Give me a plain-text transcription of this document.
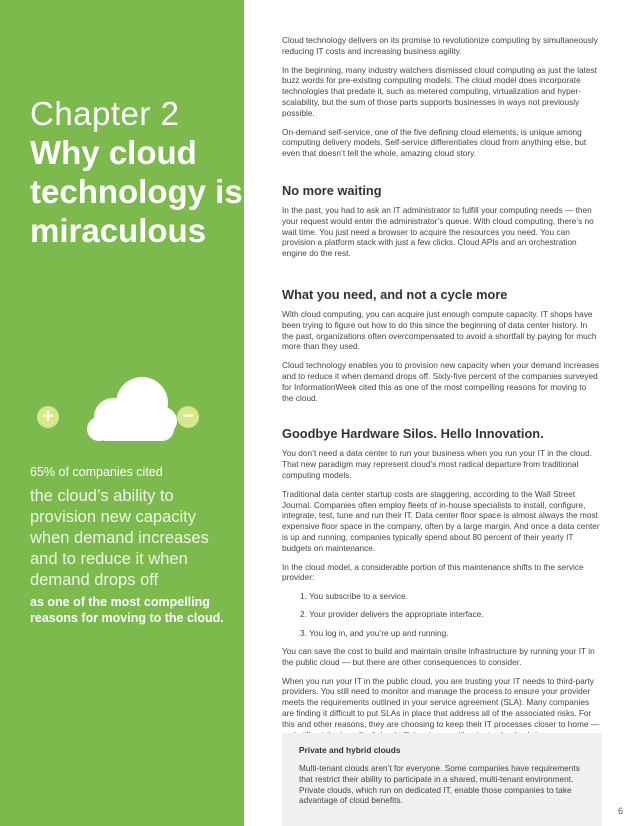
Chapter 2

Why cloud
technology is
miraculous
+	−

65% of companies cited

the cloud’s ability to
provision new capacity
when demand increases
and to reduce it when
demand drops off

as one of the most compelling
reasons for moving to the cloud.

Cloud technology delivers on its promise to revolutionize computing by simultaneously reducing IT costs and increasing business agility.

In the beginning, many industry watchers dismissed cloud computing as just the latest buzz words for pre-existing computing models. The cloud model does incorporate technologies that predate it, such as metered computing, virtualization and hyper-scalability, but the sum of those parts supports businesses in ways not previously possible.

On-demand self-service, one of the five defining cloud elements, is unique among computing delivery models. Self-service differentiates cloud from anything else, but even that doesn’t tell the whole, amazing cloud story.

No more waiting

In the past, you had to ask an IT administrator to fulfill your computing needs — then your request would enter the administrator’s queue. With cloud computing, there’s no wait time. You just need a browser to acquire the resources you need. You can provision a platform stack with just a few clicks. Cloud APIs and an orchestration engine do the rest.

What you need, and not a cycle more

With cloud computing, you can acquire just enough compute capacity. IT shops have been trying to figure out how to do this since the beginning of data center history. In the past, organizations often overcompensated to avoid a shortfall by paying for much more than they used.

Cloud technology enables you to provision new capacity when your demand increases and to reduce it when demand drops off. Sixty-five percent of the companies surveyed for InformationWeek cited this as one of the most compelling reasons for moving to the cloud.

Goodbye Hardware Silos. Hello Innovation.

You don’t need a data center to run your business when you run your IT in the cloud. That new paradigm may represent cloud’s most radical departure from traditional computing models.

Traditional data center startup costs are staggering, according to the Wall Street Journal. Companies often employ fleets of in-house specialists to install, configure, integrate, test, tune and run their IT. Data center floor space is almost always the most expensive floor space in the company, often by a large margin. And once a data center is up and running, companies typically spend about 80 percent of their yearly IT budgets on maintenance.

In the cloud model, a considerable portion of this maintenance shifts to the service provider:

1. You subscribe to a service.
2. Your provider delivers the appropriate interface.
3. You log in, and you’re up and running.

You can save the cost to build and maintain onsite infrastructure by running your IT in the public cloud — but there are other consequences to consider.

When you run your IT in the public cloud, you are trusting your IT needs to third-party providers. You still need to monitor and manage the process to ensure your provider meets the requirements outlined in your service agreement (SLA). Many companies are finding it difficult to put SLAs in place that address all of the associated risks. For this and other reasons, they are choosing to keep their IT processes closer to home —

Private and hybrid clouds

Multi-tenant clouds aren’t for everyone. Some companies have requirements that restrict their ability to participate in a shared, multi-tenant environment. Private clouds, which run on dedicated IT, enable those companies to take advantage of cloud benefits.

6
